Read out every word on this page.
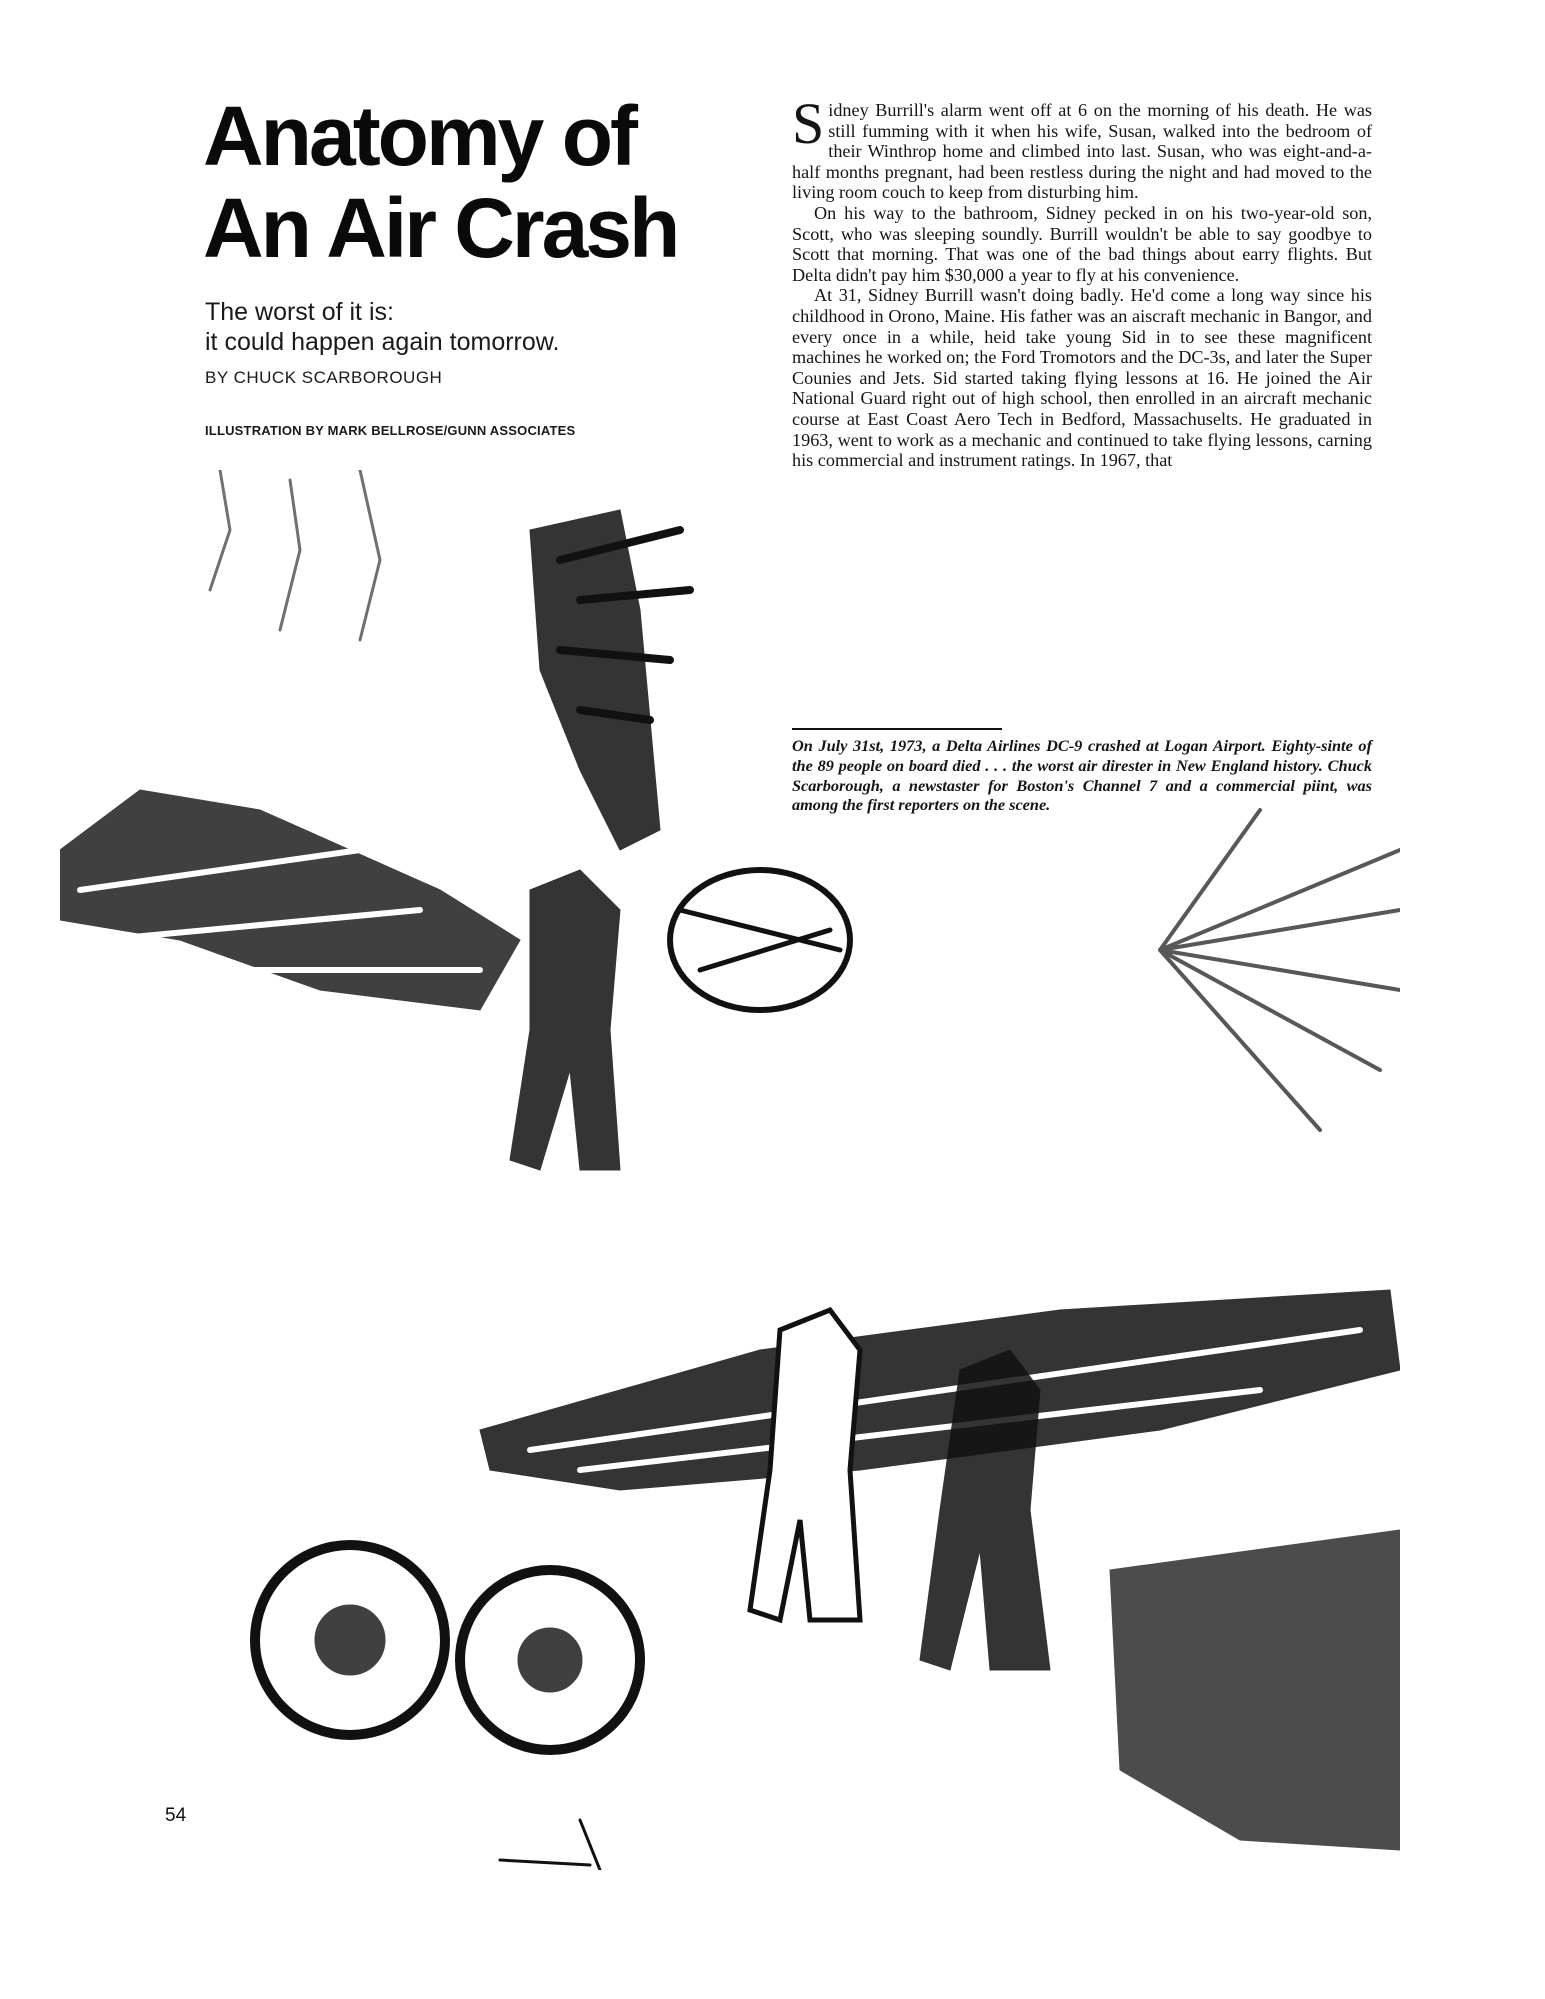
Anatomy of
An Air Crash
The worst of it is:
it could happen again tomorrow.
BY CHUCK SCARBOROUGH
ILLUSTRATION BY MARK BELLROSE/GUNN ASSOCIATES

Sidney Burrill's alarm went off at 6 on the morning of his death. He was still fumming with it when his wife, Susan, walked into the bedroom of their Winthrop home and climbed into last. Susan, who was eight-and-a-half months pregnant, had been restless during the night and had moved to the living room couch to keep from disturbing him.

On his way to the bathroom, Sidney pecked in on his two-year-old son, Scott, who was sleeping soundly. Burrill wouldn't be able to say goodbye to Scott that morning. That was one of the bad things about earry flights. But Delta didn't pay him $30,000 a year to fly at his convenience.

At 31, Sidney Burrill wasn't doing badly. He'd come a long way since his childhood in Orono, Maine. His father was an aiscraft mechanic in Bangor, and every once in a while, heid take young Sid in to see these magnificent machines he worked on; the Ford Tromotors and the DC-3s, and later the Super Counies and Jets. Sid started taking flying lessons at 16. He joined the Air National Guard right out of high school, then enrolled in an aircraft mechanic course at East Coast Aero Tech in Bedford, Massachuselts. He graduated in 1963, went to work as a mechanic and continued to take flying lessons, carning his commercial and instrument ratings. In 1967, that

On July 31st, 1973, a Delta Airlines DC-9 crashed at Logan Airport. Eighty-sinte of the 89 people on board died . . . the worst air direster in New England history. Chuck Scarborough, a newstaster for Boston's Channel 7 and a commercial piint, was among the first reporters on the scene.
54
